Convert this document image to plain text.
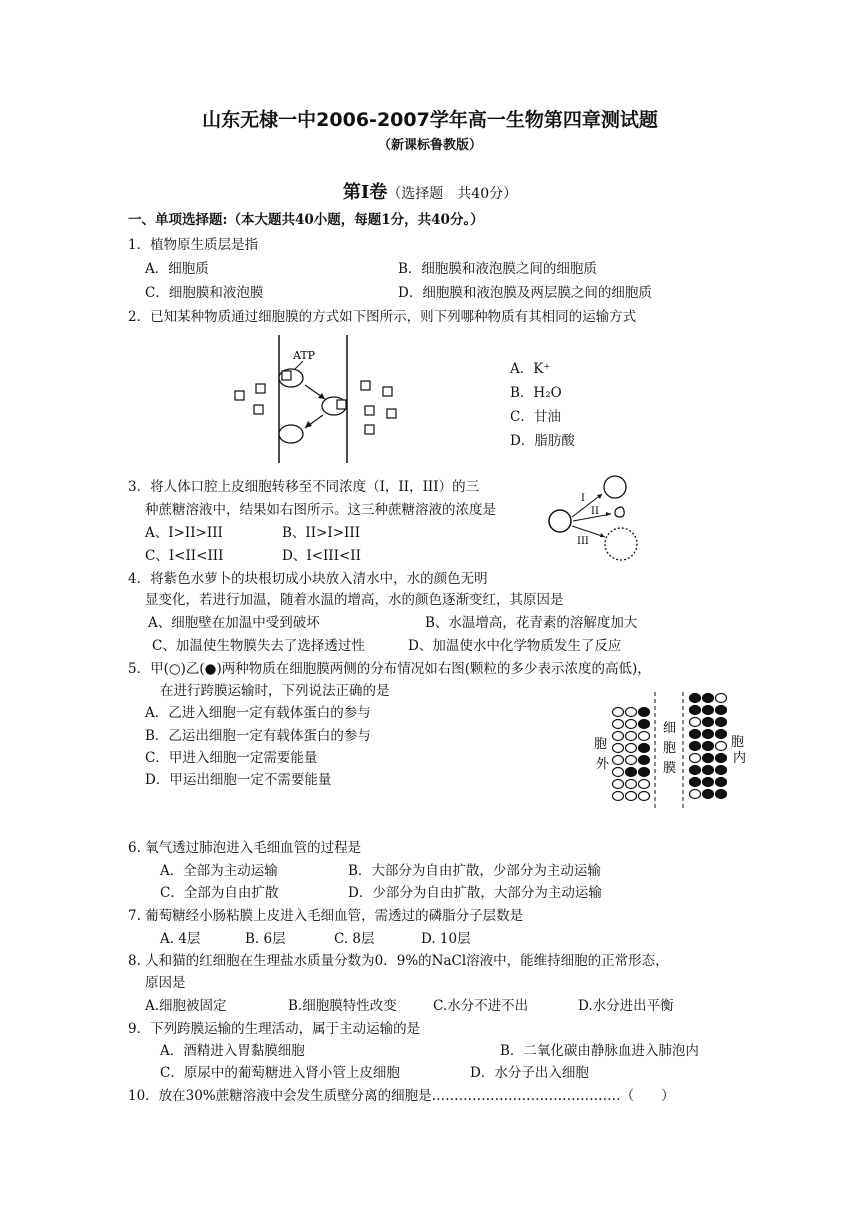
山东无棣一中2006-2007学年高一生物第四章测试题
（新课标鲁教版）
第Ⅰ卷（选择题　共40分）
一、单项选择题:（本大题共40小题，每题1分，共40分。）
1．植物原生质层是指
A．细胞质	B．细胞膜和液泡膜之间的细胞质
C．细胞膜和液泡膜	D．细胞膜和液泡膜及两层膜之间的细胞质
2．已知某种物质通过细胞膜的方式如下图所示，则下列哪种物质有其相同的运输方式
ATP
A．K⁺
B．H₂O
C．甘油
D．脂肪酸
3．将人体口腔上皮细胞转移至不同浓度（I，II，III）的三
种蔗糖溶液中，结果如右图所示。这三种蔗糖溶液的浓度是
A、I>II>III	B、II>I>III
C、I<II<III	D、I<III<II
I
II
III
4．将紫色水萝卜的块根切成小块放入清水中，水的颜色无明
显变化，若进行加温，随着水温的增高，水的颜色逐渐变红，其原因是
A、细胞壁在加温中受到破坏	B、水温增高，花青素的溶解度加大
C、加温使生物膜失去了选择透过性	D、加温使水中化学物质发生了反应
5．甲(○)乙(●)两种物质在细胞膜两侧的分布情况如右图(颗粒的多少表示浓度的高低)，
在进行跨膜运输时，下列说法正确的是
A．乙进入细胞一定有载体蛋白的参与
B．乙运出细胞一定有载体蛋白的参与
C．甲进入细胞一定需要能量
D．甲运出细胞一定不需要能量
胞
外
细
胞
膜
胞
内
6. 氧气透过肺泡进入毛细血管的过程是
A．全部为主动运输	B．大部分为自由扩散，少部分为主动运输
C．全部为自由扩散	D．少部分为自由扩散，大部分为主动运输
7. 葡萄糖经小肠粘膜上皮进入毛细血管，需透过的磷脂分子层数是
A. 4层	B. 6层	C. 8层	D. 10层
8. 人和猫的红细胞在生理盐水质量分数为0．9%的NaCl溶液中，能维持细胞的正常形态，
原因是
A.细胞被固定	B.细胞膜特性改变	C.水分不进不出	D.水分进出平衡
9．下列跨膜运输的生理活动，属于主动运输的是
A．酒精进入胃黏膜细胞	B．二氧化碳由静脉血进入肺泡内
C．原尿中的葡萄糖进入肾小管上皮细胞	D．水分子出入细胞
10．放在30%蔗糖溶液中会发生质壁分离的细胞是……………………………………（　　）
